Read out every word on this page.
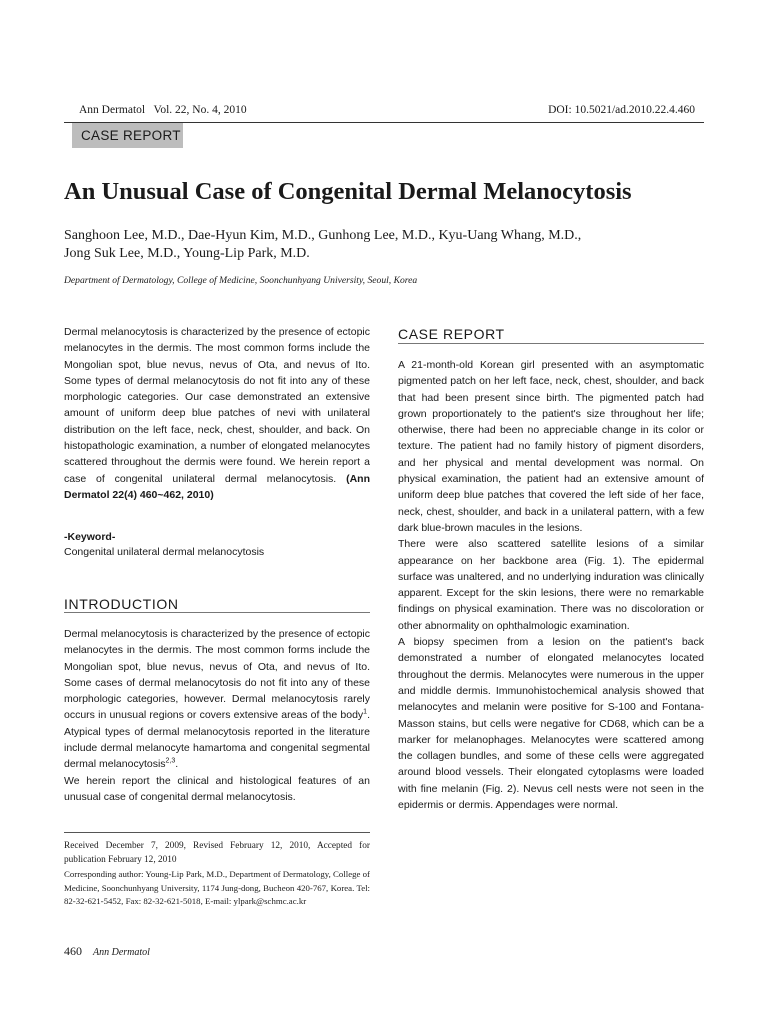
Ann Dermatol Vol. 22, No. 4, 2010	DOI: 10.5021/ad.2010.22.4.460
CASE REPORT
An Unusual Case of Congenital Dermal Melanocytosis
Sanghoon Lee, M.D., Dae-Hyun Kim, M.D., Gunhong Lee, M.D., Kyu-Uang Whang, M.D.,
Jong Suk Lee, M.D., Young-Lip Park, M.D.
Department of Dermatology, College of Medicine, Soonchunhyang University, Seoul, Korea
Dermal melanocytosis is characterized by the presence of ectopic melanocytes in the dermis. The most common forms include the Mongolian spot, blue nevus, nevus of Ota, and nevus of Ito. Some types of dermal melanocytosis do not fit into any of these morphologic categories. Our case demonstrated an extensive amount of uniform deep blue patches of nevi with unilateral distribution on the left face, neck, chest, shoulder, and back. On histopathologic examination, a number of elongated melanocytes scattered throughout the dermis were found. We herein report a case of congenital unilateral dermal melanocytosis. (Ann Dermatol 22(4) 460~462, 2010)
-Keyword-
Congenital unilateral dermal melanocytosis
INTRODUCTION

Dermal melanocytosis is characterized by the presence of ectopic melanocytes in the dermis. The most common forms include the Mongolian spot, blue nevus, nevus of Ota, and nevus of Ito. Some cases of dermal melanocytosis do not fit into any of these morphologic categories, however. Dermal melanocytosis rarely occurs in unusual regions or covers extensive areas of the body$^1$. Atypical types of dermal melanocytosis reported in the literature include dermal melanocyte hamartoma and congenital segmental dermal melanocytosis$^{2,3}$.

We herein report the clinical and histological features of an unusual case of congenital dermal melanocytosis.

Received December 7, 2009, Revised February 12, 2010, Accepted for publication February 12, 2010
Corresponding author: Young-Lip Park, M.D., Department of Dermatology, College of Medicine, Soonchunhyang University, 1174 Jung-dong, Bucheon 420-767, Korea. Tel: 82-32-621-5452, Fax: 82-32-621-5018, E-mail: ylpark@schmc.ac.kr
CASE REPORT

A 21-month-old Korean girl presented with an asymptomatic pigmented patch on her left face, neck, chest, shoulder, and back that had been present since birth. The pigmented patch had grown proportionately to the patient's size throughout her life; otherwise, there had been no appreciable change in its color or texture. The patient had no family history of pigment disorders, and her physical and mental development was normal. On physical examination, the patient had an extensive amount of uniform deep blue patches that covered the left side of her face, neck, chest, shoulder, and back in a unilateral pattern, with a few dark blue-brown macules in the lesions.

There were also scattered satellite lesions of a similar appearance on her backbone area (Fig. 1). The epidermal surface was unaltered, and no underlying induration was clinically apparent. Except for the skin lesions, there were no remarkable findings on physical examination. There was no discoloration or other abnormality on ophthalmologic examination.

A biopsy specimen from a lesion on the patient's back demonstrated a number of elongated melanocytes located throughout the dermis. Melanocytes were numerous in the upper and middle dermis. Immunohistochemical analysis showed that melanocytes and melanin were positive for S-100 and Fontana-Masson stains, but cells were negative for CD68, which can be a marker for melanophages. Melanocytes were scattered among the collagen bundles, and some of these cells were aggregated around blood vessels. Their elongated cytoplasms were loaded with fine melanin (Fig. 2). Nevus cell nests were not seen in the epidermis or dermis. Appendages were normal.

460 Ann Dermatol
